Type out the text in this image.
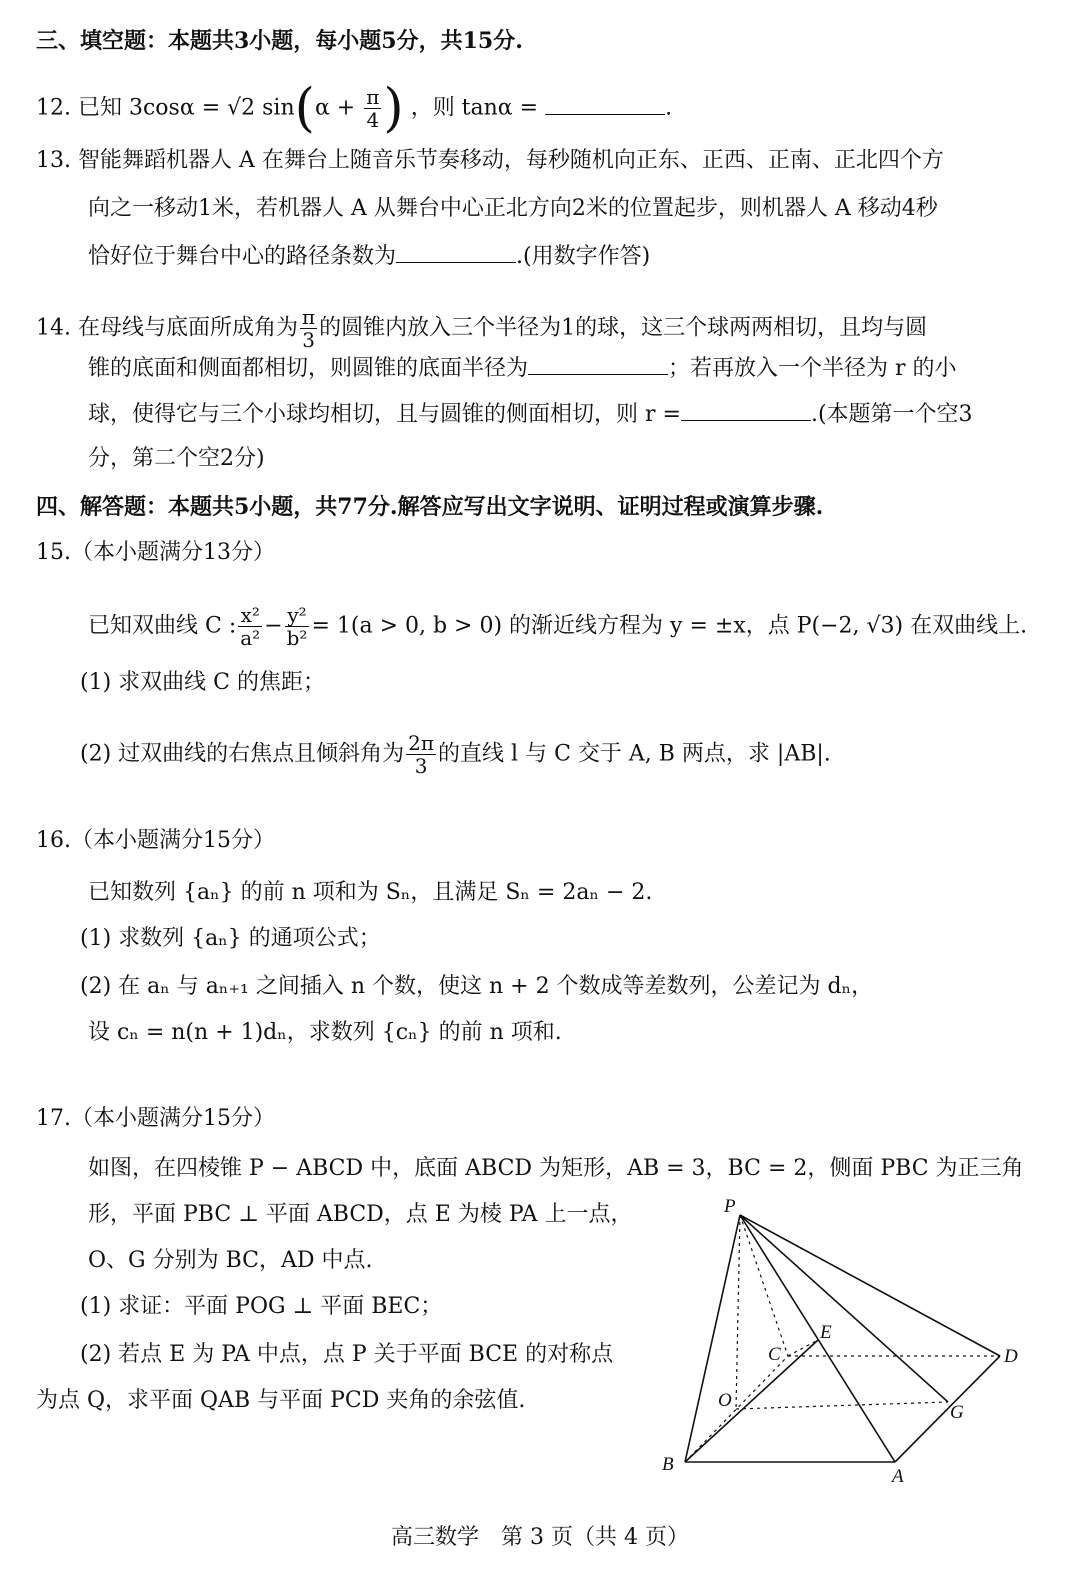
三、填空题：本题共3小题，每小题5分，共15分.
12. 已知 3cosα = √2 $\sin(\alpha + \frac{\pi}{4}$ ) ，则 tanα =	.
13. 智能舞蹈机器人 A 在舞台上随音乐节奏移动，每秒随机向正东、正西、正南、正北四个方
向之一移动1米，若机器人 A 从舞台中心正北方向2米的位置起步，则机器人 A 移动4秒
恰好位于舞台中心的路径条数为	.(用数字作答)
14. 在母线与底面所成角为 $\frac{\pi}{3}$ 的圆锥内放入三个半径为1的球，这三个球两两相切，且均与圆
锥的底面和侧面都相切，则圆锥的底面半径为	；若再放入一个半径为 r 的小
球，使得它与三个小球均相切，且与圆锥的侧面相切，则 r =	.(本题第一个空3
分，第二个空2分)
四、解答题：本题共5小题，共77分.解答应写出文字说明、证明过程或演算步骤.
15.（本小题满分13分）
已知双曲线 C : $\frac{\text{x²}}{\text{a²}} - \frac{\text{y²}}{\text{b²}} = 1(a > 0$, b > 0) 的渐近线方程为 y = ±x，点 P(−2, √3) 在双曲线上.
(1) 求双曲线 C 的焦距；
(2) 过双曲线的右焦点且倾斜角为 $\frac{2\pi}{3}$ 的直线 l 与 C 交于 A, B 两点，求 |AB|.
16.（本小题满分15分）
已知数列 {aₙ} 的前 n 项和为 Sₙ，且满足 Sₙ = 2aₙ − 2.
(1) 求数列 {aₙ} 的通项公式；
(2) 在 aₙ 与 aₙ₊₁ 之间插入 n 个数，使这 n + 2 个数成等差数列，公差记为 dₙ，
设 cₙ = n(n + 1)dₙ，求数列 {cₙ} 的前 n 项和.
17.（本小题满分15分）
如图，在四棱锥 P − ABCD 中，底面 ABCD 为矩形，AB = 3，BC = 2，侧面 PBC 为正三角
形，平面 PBC ⊥ 平面 ABCD，点 E 为棱 PA 上一点，
O、G 分别为 BC，AD 中点.
(1) 求证：平面 POG ⊥ 平面 BEC；
(2) 若点 E 为 PA 中点，点 P 关于平面 BCE 的对称点
为点 Q，求平面 QAB 与平面 PCD 夹角的余弦值.
P
C
E
D
O
G
B
A
高三数学　第 3 页（共 4 页）
